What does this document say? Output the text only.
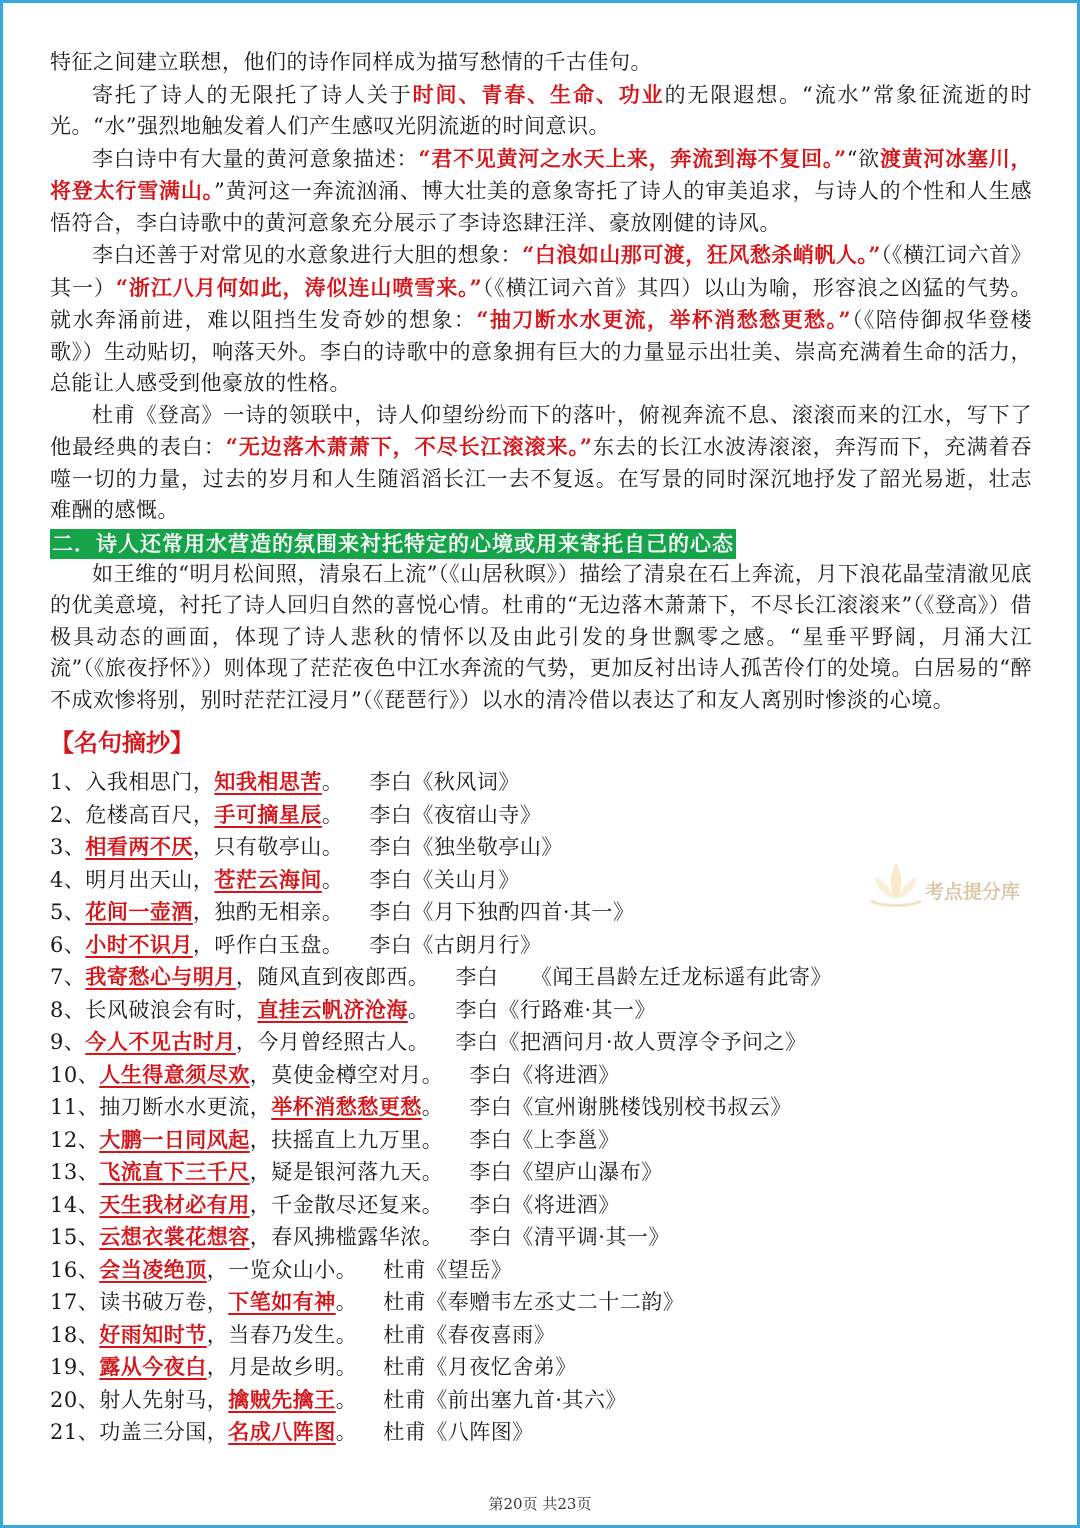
特征之间建立联想，他们的诗作同样成为描写愁情的千古佳句。

寄托了诗人的无限托了诗人关于时间、青春、生命、功业的无限遐想。“流水”常象征流逝的时光。“水”强烈地触发着人们产生感叹光阴流逝的时间意识。

李白诗中有大量的黄河意象描述：“君不见黄河之水天上来，奔流到海不复回。”“欲渡黄河冰塞川，将登太行雪满山。”黄河这一奔流汹涌、博大壮美的意象寄托了诗人的审美追求，与诗人的个性和人生感悟符合，李白诗歌中的黄河意象充分展示了李诗恣肆汪洋、豪放刚健的诗风。

李白还善于对常见的水意象进行大胆的想象：“白浪如山那可渡，狂风愁杀峭帆人。”（《横江词六首》其一）“浙江八月何如此，涛似连山喷雪来。”（《横江词六首》其四）以山为喻，形容浪之凶猛的气势。就水奔涌前进，难以阻挡生发奇妙的想象：“抽刀断水水更流，举杯消愁愁更愁。”（《陪侍御叔华登楼歌》）生动贴切，响落天外。李白的诗歌中的意象拥有巨大的力量显示出壮美、崇高充满着生命的活力，总能让人感受到他豪放的性格。

杜甫《登高》一诗的领联中，诗人仰望纷纷而下的落叶，俯视奔流不息、滚滚而来的江水，写下了他最经典的表白：“无边落木萧萧下，不尽长江滚滚来。”东去的长江水波涛滚滚，奔泻而下，充满着吞噬一切的力量，过去的岁月和人生随滔滔长江一去不复返。在写景的同时深沉地抒发了韶光易逝，壮志难酬的感慨。

二．诗人还常用水营造的氛围来衬托特定的心境或用来寄托自己的心态

如王维的“明月松间照，清泉石上流”（《山居秋暝》）描绘了清泉在石上奔流，月下浪花晶莹清澈见底的优美意境，衬托了诗人回归自然的喜悦心情。杜甫的“无边落木萧萧下，不尽长江滚滚来”（《登高》）借极具动态的画面，体现了诗人悲秋的情怀以及由此引发的身世飘零之感。“星垂平野阔，月涌大江流”（《旅夜抒怀》）则体现了茫茫夜色中江水奔流的气势，更加反衬出诗人孤苦伶仃的处境。白居易的“醉不成欢惨将别，别时茫茫江浸月”（《琵琶行》）以水的清冷借以表达了和友人离别时惨淡的心境。

【名句摘抄】
1、入我相思门，知我相思苦。 李白《秋风词》
2、危楼高百尺，手可摘星辰。 李白《夜宿山寺》
3、相看两不厌，只有敬亭山。 李白《独坐敬亭山》
4、明月出天山，苍茫云海间。 李白《关山月》
5、花间一壶酒，独酌无相亲。 李白《月下独酌四首·其一》
6、小时不识月，呼作白玉盘。 李白《古朗月行》
7、我寄愁心与明月，随风直到夜郎西。 李白　　《闻王昌龄左迁龙标遥有此寄》
8、长风破浪会有时，直挂云帆济沧海。 李白《行路难·其一》
9、今人不见古时月，今月曾经照古人。 李白《把酒问月·故人贾淳令予问之》
10、人生得意须尽欢，莫使金樽空对月。 李白《将进酒》
11、抽刀断水水更流，举杯消愁愁更愁。 李白《宣州谢朓楼饯别校书叔云》
12、大鹏一日同风起，扶摇直上九万里。 李白《上李邕》
13、飞流直下三千尺，疑是银河落九天。 李白《望庐山瀑布》
14、天生我材必有用，千金散尽还复来。 李白《将进酒》
15、云想衣裳花想容，春风拂槛露华浓。 李白《清平调·其一》
16、会当凌绝顶，一览众山小。 杜甫《望岳》
17、读书破万卷，下笔如有神。 杜甫《奉赠韦左丞丈二十二韵》
18、好雨知时节，当春乃发生。 杜甫《春夜喜雨》
19、露从今夜白，月是故乡明。 杜甫《月夜忆舍弟》
20、射人先射马，擒贼先擒王。 杜甫《前出塞九首·其六》
21、功盖三分国，名成八阵图。 杜甫《八阵图》
考点提分库
第20页 共23页
